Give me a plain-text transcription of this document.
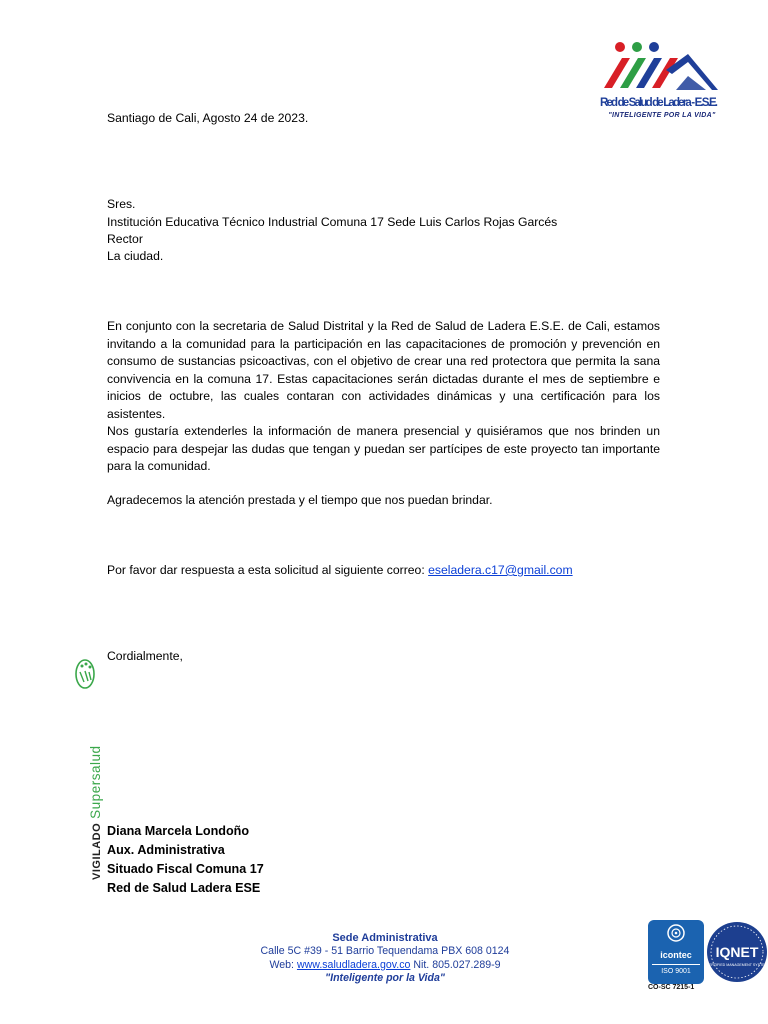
Red de Salud de Ladera - E.S.E.
"INTELIGENTE POR LA VIDA"
Santiago de Cali, Agosto 24 de 2023.
Sres.
Institución Educativa Técnico Industrial Comuna 17 Sede Luis Carlos Rojas Garcés
Rector
La ciudad.
En conjunto con la secretaria de Salud Distrital y la Red de Salud de Ladera E.S.E. de Cali, estamos invitando a la comunidad para la participación en las capacitaciones de promoción y prevención en consumo de sustancias psicoactivas, con el objetivo de crear una red protectora que permita la sana convivencia en la comuna 17. Estas capacitaciones serán dictadas durante el mes de septiembre e inicios de octubre, las cuales contaran con actividades dinámicas y una certificación para los asistentes.
Nos gustaría extenderles la información de manera presencial y quisiéramos que nos brinden un espacio para despejar las dudas que tengan y puedan ser partícipes de este proyecto tan importante para la comunidad.
Agradecemos la atención prestada y el tiempo que nos puedan brindar.
Por favor dar respuesta a esta solicitud al siguiente correo: eseladera.c17@gmail.com
Cordialmente,
VIGILADOSupersalud
Diana Marcela Londoño
Aux. Administrativa
Situado Fiscal Comuna 17
Red de Salud Ladera ESE
Sede Administrativa
Calle 5C #39 - 51 Barrio Tequendama PBX 608 0124
Web: www.saludladera.gov.co Nit. 805.027.289-9
"Inteligente por la Vida"
icontec
ISO 9001
CO-SC 7215-1
IQNET
CERTIFIED MANAGEMENT SYSTEM
